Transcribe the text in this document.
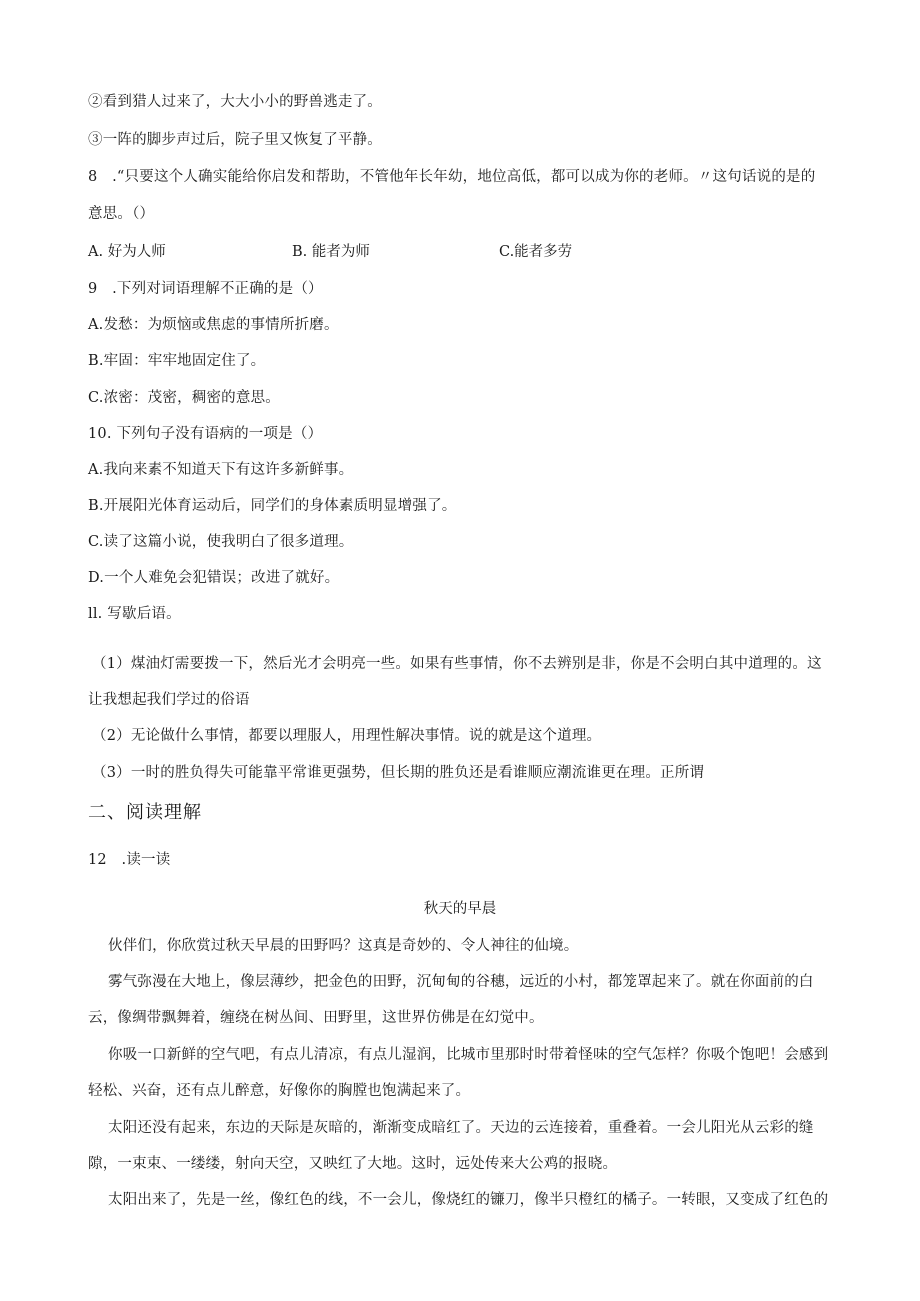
②看到猎人过来了，大大小小的野兽逃走了。
③一阵的脚步声过后，院子里又恢复了平静。
8　.“只要这个人确实能给你启发和帮助，不管他年长年幼，地位高低，都可以成为你的老师。〃这句话说的是的
意思。（）
A. 好为人师	B. 能者为师	C.能者多劳
9　.下列对词语理解不正确的是（）
A.发愁：为烦恼或焦虑的事情所折磨。
B.牢固：牢牢地固定住了。
C.浓密：茂密，稠密的意思。
10. 下列句子没有语病的一项是（）
A.我向来素不知道天下有这许多新鲜事。
B.开展阳光体育运动后，同学们的身体素质明显增强了。
C.读了这篇小说，使我明白了很多道理。
D.一个人难免会犯错误；改进了就好。
ll. 写歇后语。
（1）煤油灯需要拨一下，然后光才会明亮一些。如果有些事情，你不去辨别是非，你是不会明白其中道理的。这
让我想起我们学过的俗语
（2）无论做什么事情，都要以理服人，用理性解决事情。说的就是这个道理。
（3）一时的胜负得失可能靠平常谁更强势，但长期的胜负还是看谁顺应潮流谁更在理。正所谓
二、阅读理解
12　.读一读
秋天的早晨
伙伴们，你欣赏过秋天早晨的田野吗？这真是奇妙的、令人神往的仙境。
雾气弥漫在大地上，像层薄纱，把金色的田野，沉甸甸的谷穗，远近的小村，都笼罩起来了。就在你面前的白
云，像绸带飘舞着，缠绕在树丛间、田野里，这世界仿佛是在幻觉中。
你吸一口新鲜的空气吧，有点儿清凉，有点儿湿润，比城市里那时时带着怪味的空气怎样？你吸个饱吧！会感到
轻松、兴奋，还有点儿醉意，好像你的胸膛也饱满起来了。
太阳还没有起来，东边的天际是灰暗的，渐渐变成暗红了。天边的云连接着，重叠着。一会儿阳光从云彩的缝
隙，一束束、一缕缕，射向天空，又映红了大地。这时，远处传来大公鸡的报晓。
太阳出来了，先是一丝，像红色的线，不一会儿，像烧红的镰刀，像半只橙红的橘子。一转眼，又变成了红色的
